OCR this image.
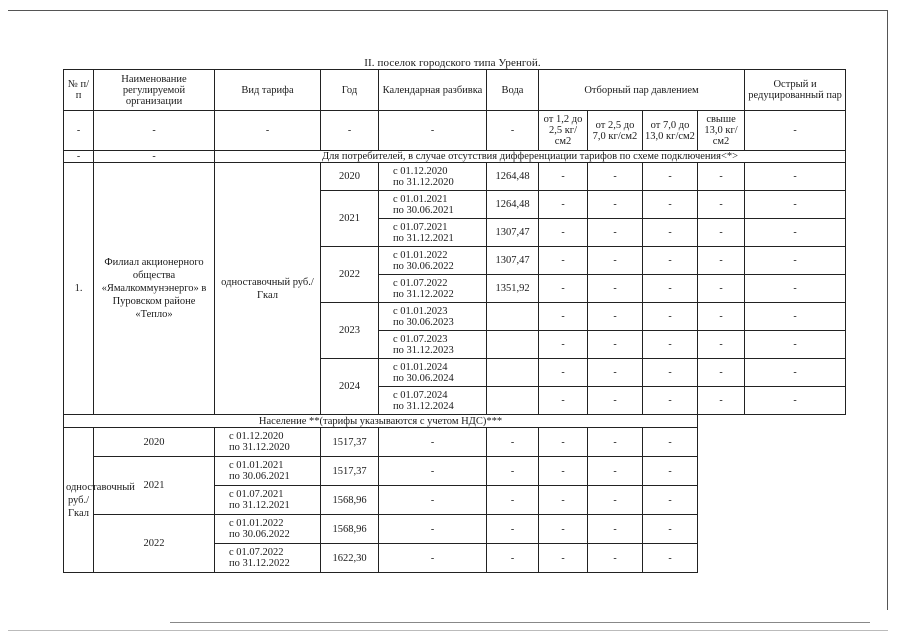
II. поселок городского типа Уренгой.
№ п/п	Наименование регулируемой организации	Вид тарифа	Год	Календарная разбивка	Вода	Отборный пар давлением				Острый и редуцированный пар
-	-	-	-	-	-	от 1,2 до 2,5 кг/см2	от 2,5 до 7,0 кг/см2	от 7,0 до 13,0 кг/см2	свыше 13,0 кг/см2	-
-	-	Для потребителей, в случае отсутствия дифференциации тарифов по схеме подключения<*>								
1.	Филиал акционерного общества «Ямалкоммунэнерго» в Пуровском районе «Тепло»	одноставочный руб./Гкал	2020	с 01.12.2020
по 31.12.2020	1264,48	-	-	-	-	-
			2021	с 01.01.2021
по 30.06.2021	1264,48	-	-	-	-	-

				с 01.07.2021
по 31.12.2021	1307,47	-	-	-	-	-
			2022	с 01.01.2022
по 30.06.2022	1307,47	-	-	-	-	-

				с 01.07.2022
по 31.12.2022	1351,92	-	-	-	-	-
			2023	с 01.01.2023
по 30.06.2023		-	-	-	-	-

				с 01.07.2023
по 31.12.2023		-	-	-	-	-
			2024	с 01.01.2024
по 30.06.2024		-	-	-	-	-

				с 01.07.2024
по 31.12.2024		-	-	-	-	-
Население **(тарифы указываются с учетом НДС)***										
одноставочный руб./Гкал	2020	с 01.12.2020
по 31.12.2020	1517,37	-	-	-	-	-		
	2021	с 01.01.2021
по 30.06.2021	1517,37	-	-	-	-	-		

		с 01.07.2021
по 31.12.2021	1568,96	-	-	-	-	-		
	2022	с 01.01.2022
по 30.06.2022	1568,96	-	-	-	-	-		

		с 01.07.2022
по 31.12.2022	1622,30	-	-	-	-	-		
